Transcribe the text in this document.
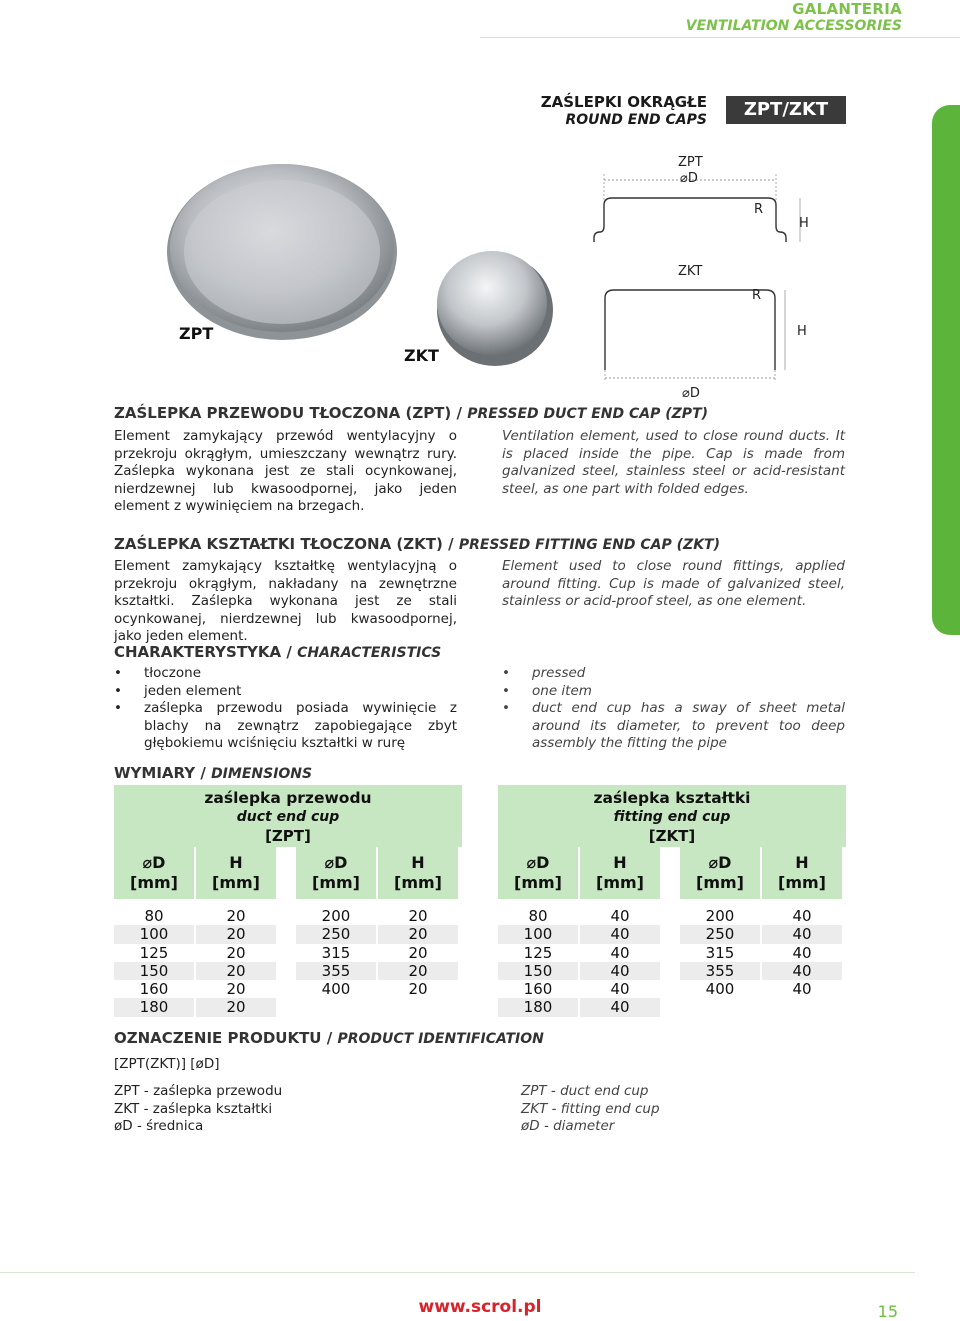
GALANTERIA
VENTILATION ACCESSORIES
ZAŚLEPKI OKRĄGŁE
ROUND END CAPS	ZPT/ZKT
ZPT
ZKT
ZPT
⌀D
R
H
ZKT
R
H
⌀D
ZAŚLEPKA PRZEWODU TŁOCZONA (ZPT) / PRESSED DUCT END CAP (ZPT)
Element zamykający przewód wentylacyjny o przekroju okrągłym, umieszczany wewnątrz rury. Zaślepka wykonana jest ze stali ocynkowanej, nierdzewnej lub kwasoodpornej, jako jeden element z wywinięciem na brzegach.
Ventilation element, used to close round ducts. It is placed inside the pipe. Cap is made from galvanized steel, stainless steel or acid-resistant steel, as one part with folded edges.
ZAŚLEPKA KSZTAŁTKI TŁOCZONA (ZKT) / PRESSED FITTING END CAP (ZKT)
Element zamykający kształtkę wentylacyjną o przekroju okrągłym, nakładany na zewnętrzne kształtki. Zaślepka wykonana jest ze stali ocynkowanej, nierdzewnej lub kwasoodpornej, jako jeden element.
Element used to close round fittings, applied around fitting. Cup is made of galvanized steel, stainless or acid-proof steel, as one element.
CHARAKTERYSTYKA / CHARACTERISTICS
• tłoczone
• jeden element
• zaślepka przewodu posiada wywinięcie z blachy na zewnątrz zapobiegające zbyt głębokiemu wciśnięciu kształtki w rurę
• pressed
• one item
• duct end cup has a sway of sheet metal around its diameter, to prevent too deep assembly the fitting the pipe
WYMIARY / DIMENSIONS
zaślepka przewodu
duct end cup
[ZPT]
⌀D
[mm]
H
[mm]
⌀D
[mm]
H
[mm]
80	20	200	20
100	20	250	20
125	20	315	20
150	20	355	20
160	20	400	20
180	20
zaślepka kształtki
fitting end cup
[ZKT]
⌀D
[mm]
H
[mm]
⌀D
[mm]
H
[mm]
80	40	200	40
100	40	250	40
125	40	315	40
150	40	355	40
160	40	400	40
180	40
OZNACZENIE PRODUKTU / PRODUCT IDENTIFICATION
[ZPT(ZKT)] [øD]
ZPT - zaślepka przewodu
ZKT - zaślepka kształtki
øD - średnica
ZPT - duct end cup
ZKT - fitting end cup
øD - diameter
www.scrol.pl	15
